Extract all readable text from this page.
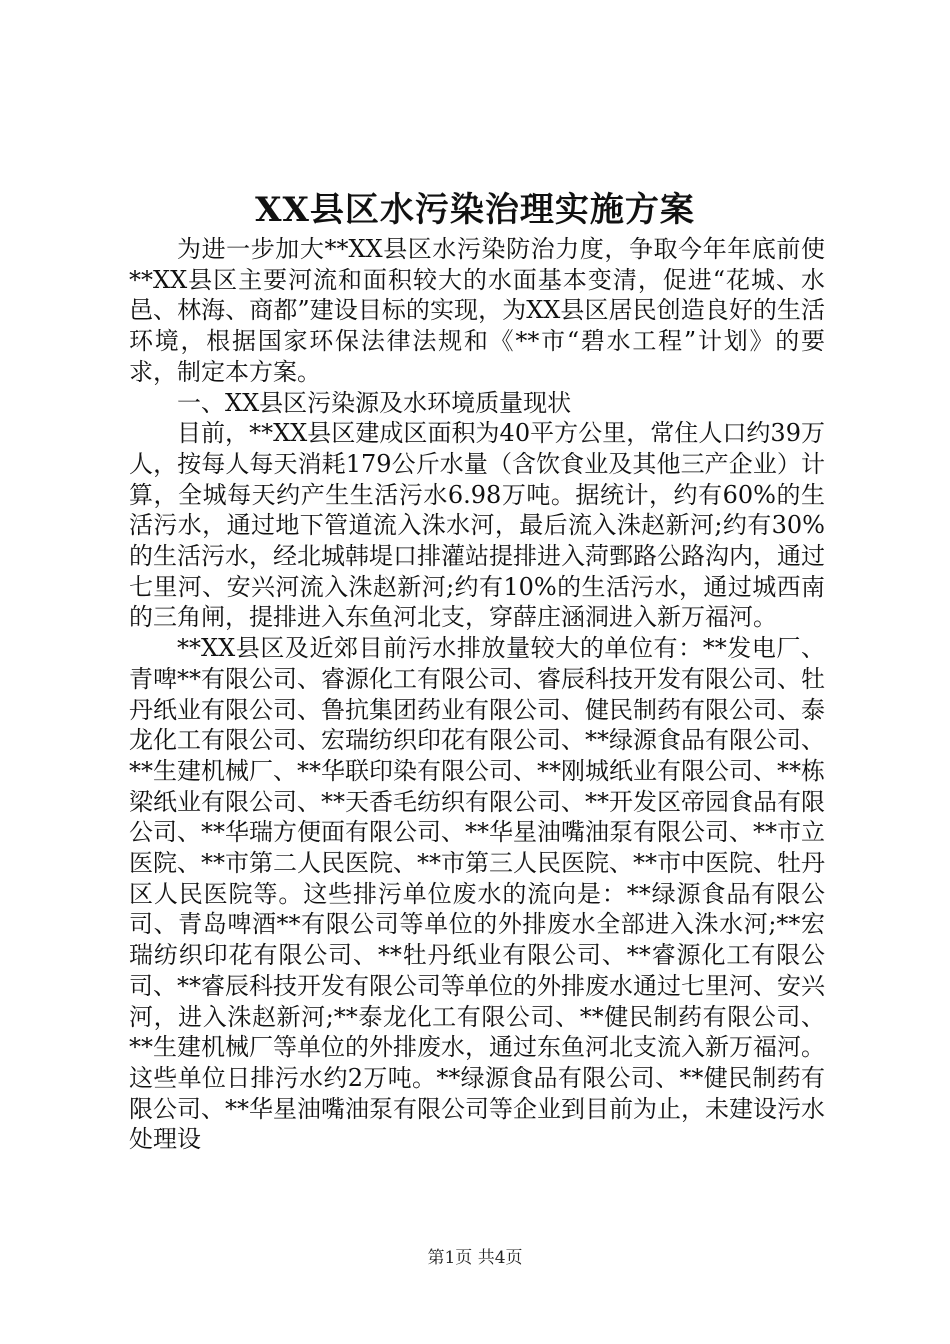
XX县区水污染治理实施方案

为进一步加大**XX县区水污染防治力度，争取今年年底前使**XX县区主要河流和面积较大的水面基本变清，促进“花城、水邑、林海、商都”建设目标的实现，为XX县区居民创造良好的生活环境，根据国家环保法律法规和《**市“碧水工程”计划》的要求，制定本方案。

一、XX县区污染源及水环境质量现状

目前，**XX县区建成区面积为40平方公里，常住人口约39万人，按每人每天消耗179公斤水量（含饮食业及其他三产企业）计算，全城每天约产生生活污水6.98万吨。据统计，约有60%的生活污水，通过地下管道流入洙水河，最后流入洙赵新河;约有30%的生活污水，经北城韩堤口排灌站提排进入菏鄄路公路沟内，通过七里河、安兴河流入洙赵新河;约有10%的生活污水，通过城西南的三角闸，提排进入东鱼河北支，穿薛庄涵洞进入新万福河。

**XX县区及近郊目前污水排放量较大的单位有：**发电厂、青啤**有限公司、睿源化工有限公司、睿辰科技开发有限公司、牡丹纸业有限公司、鲁抗集团药业有限公司、健民制药有限公司、泰龙化工有限公司、宏瑞纺织印花有限公司、**绿源食品有限公司、**生建机械厂、**华联印染有限公司、**刚城纸业有限公司、**栋梁纸业有限公司、**天香毛纺织有限公司、**开发区帝园食品有限公司、**华瑞方便面有限公司、**华星油嘴油泵有限公司、**市立医院、**市第二人民医院、**市第三人民医院、**市中医院、牡丹区人民医院等。这些排污单位废水的流向是：**绿源食品有限公司、青岛啤酒**有限公司等单位的外排废水全部进入洙水河;**宏瑞纺织印花有限公司、**牡丹纸业有限公司、**睿源化工有限公司、**睿辰科技开发有限公司等单位的外排废水通过七里河、安兴河，进入洙赵新河;**泰龙化工有限公司、**健民制药有限公司、**生建机械厂等单位的外排废水，通过东鱼河北支流入新万福河。这些单位日排污水约2万吨。**绿源食品有限公司、**健民制药有限公司、**华星油嘴油泵有限公司等企业到目前为止，未建设污水处理设

第1页 共4页
